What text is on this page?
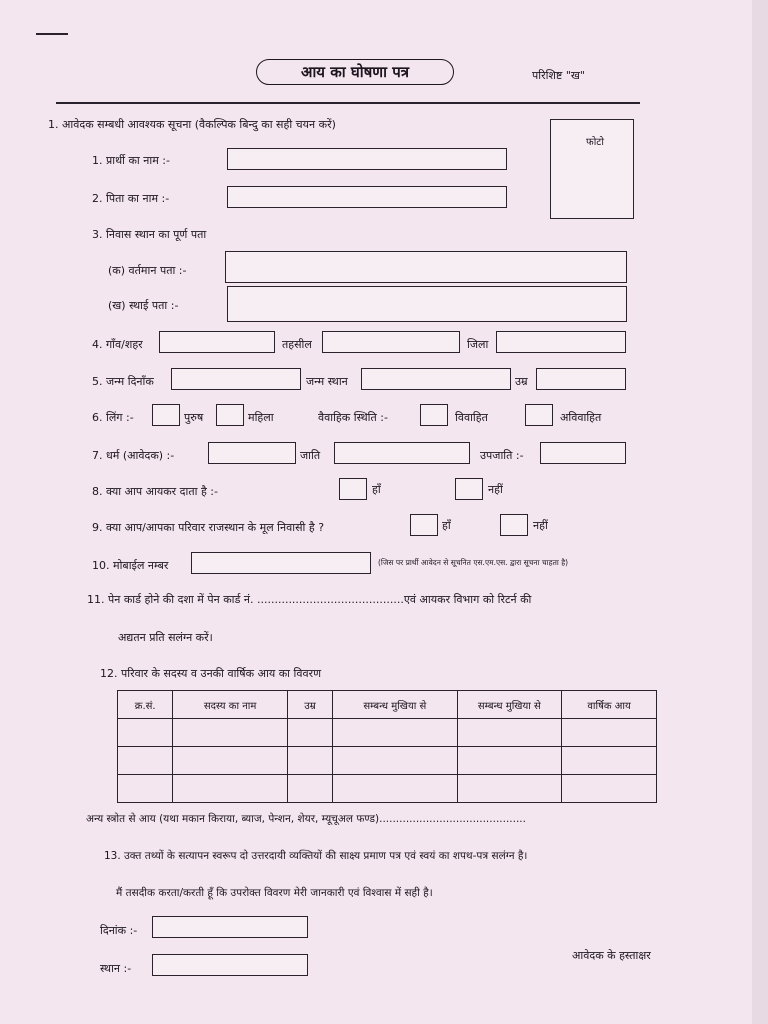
आय का घोषणा पत्र	परिशिष्ट "ख"
1. आवेदक सम्बधी आवश्यक सूचना (वैकल्पिक बिन्दु का सही चयन करें)
फोटो
1. प्रार्थी का नाम :-
2. पिता का नाम :-
3. निवास स्थान का पूर्ण पता
(क) वर्तमान पता :-
(ख) स्थाई पता :-
4. गाँव/शहर	तहसील	जिला
5. जन्म दिनाँक	जन्म स्थान	उम्र
6. लिंग :-	पुरुष	महिला	वैवाहिक स्थिति :-	विवाहित	अविवाहित
7. धर्म (आवेदक) :-	जाति	उपजाति :-
8. क्या आप आयकर दाता है :-	हाँ	नहीं
9. क्या आप/आपका परिवार राजस्थान के मूल निवासी है ?	हाँ	नहीं
10. मोबाईल नम्बर	(जिस पर प्रार्थी आवेदन से सूचनित एस.एम.एस. द्वारा सूचना चाहता है)
11. पेन कार्ड होने की दशा में पेन कार्ड नं. ..........................................एवं आयकर विभाग को रिटर्न की
अद्यतन प्रति सलंग्न करें।
12. परिवार के सदस्य व उनकी वार्षिक आय का विवरण
क्र.सं.	सदस्य का नाम	उम्र	सम्बन्ध मुखिया से	सम्बन्ध मुखिया से	वार्षिक आय

अन्य स्त्रोत से आय (यथा मकान किराया, ब्याज, पेन्शन, शेयर, म्यूचूअल फण्ड)............................................
13. उक्त तथ्यों के सत्यापन स्वरूप दो उत्तरदायी व्यक्तियों की साक्ष्य प्रमाण पत्र एवं स्वयं का शपथ-पत्र सलंग्न है।
मैं तसदीक करता/करती हूँ कि उपरोक्त विवरण मेरी जानकारी एवं विश्वास में सही है।
दिनांक :-
आवेदक के हस्ताक्षर
स्थान :-
